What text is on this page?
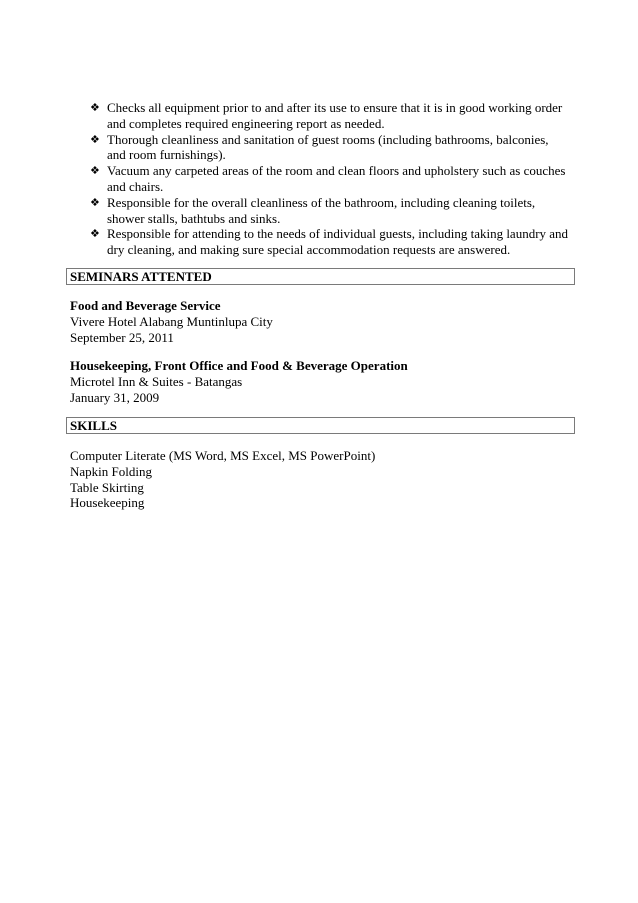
❖ Checks all equipment prior to and after its use to ensure that it is in good working order and completes required engineering report as needed.
❖ Thorough cleanliness and sanitation of guest rooms (including bathrooms, balconies, and room furnishings).
❖ Vacuum any carpeted areas of the room and clean floors and upholstery such as couches and chairs.
❖ Responsible for the overall cleanliness of the bathroom, including cleaning toilets, shower stalls, bathtubs and sinks.
❖ Responsible for attending to the needs of individual guests, including taking laundry and dry cleaning, and making sure special accommodation requests are answered.
SEMINARS ATTENTED
Food and Beverage Service
Vivere Hotel Alabang Muntinlupa City
September 25, 2011
Housekeeping, Front Office and Food & Beverage Operation
Microtel Inn & Suites - Batangas
January 31, 2009
SKILLS
Computer Literate (MS Word, MS Excel, MS PowerPoint)
Napkin Folding
Table Skirting
Housekeeping
